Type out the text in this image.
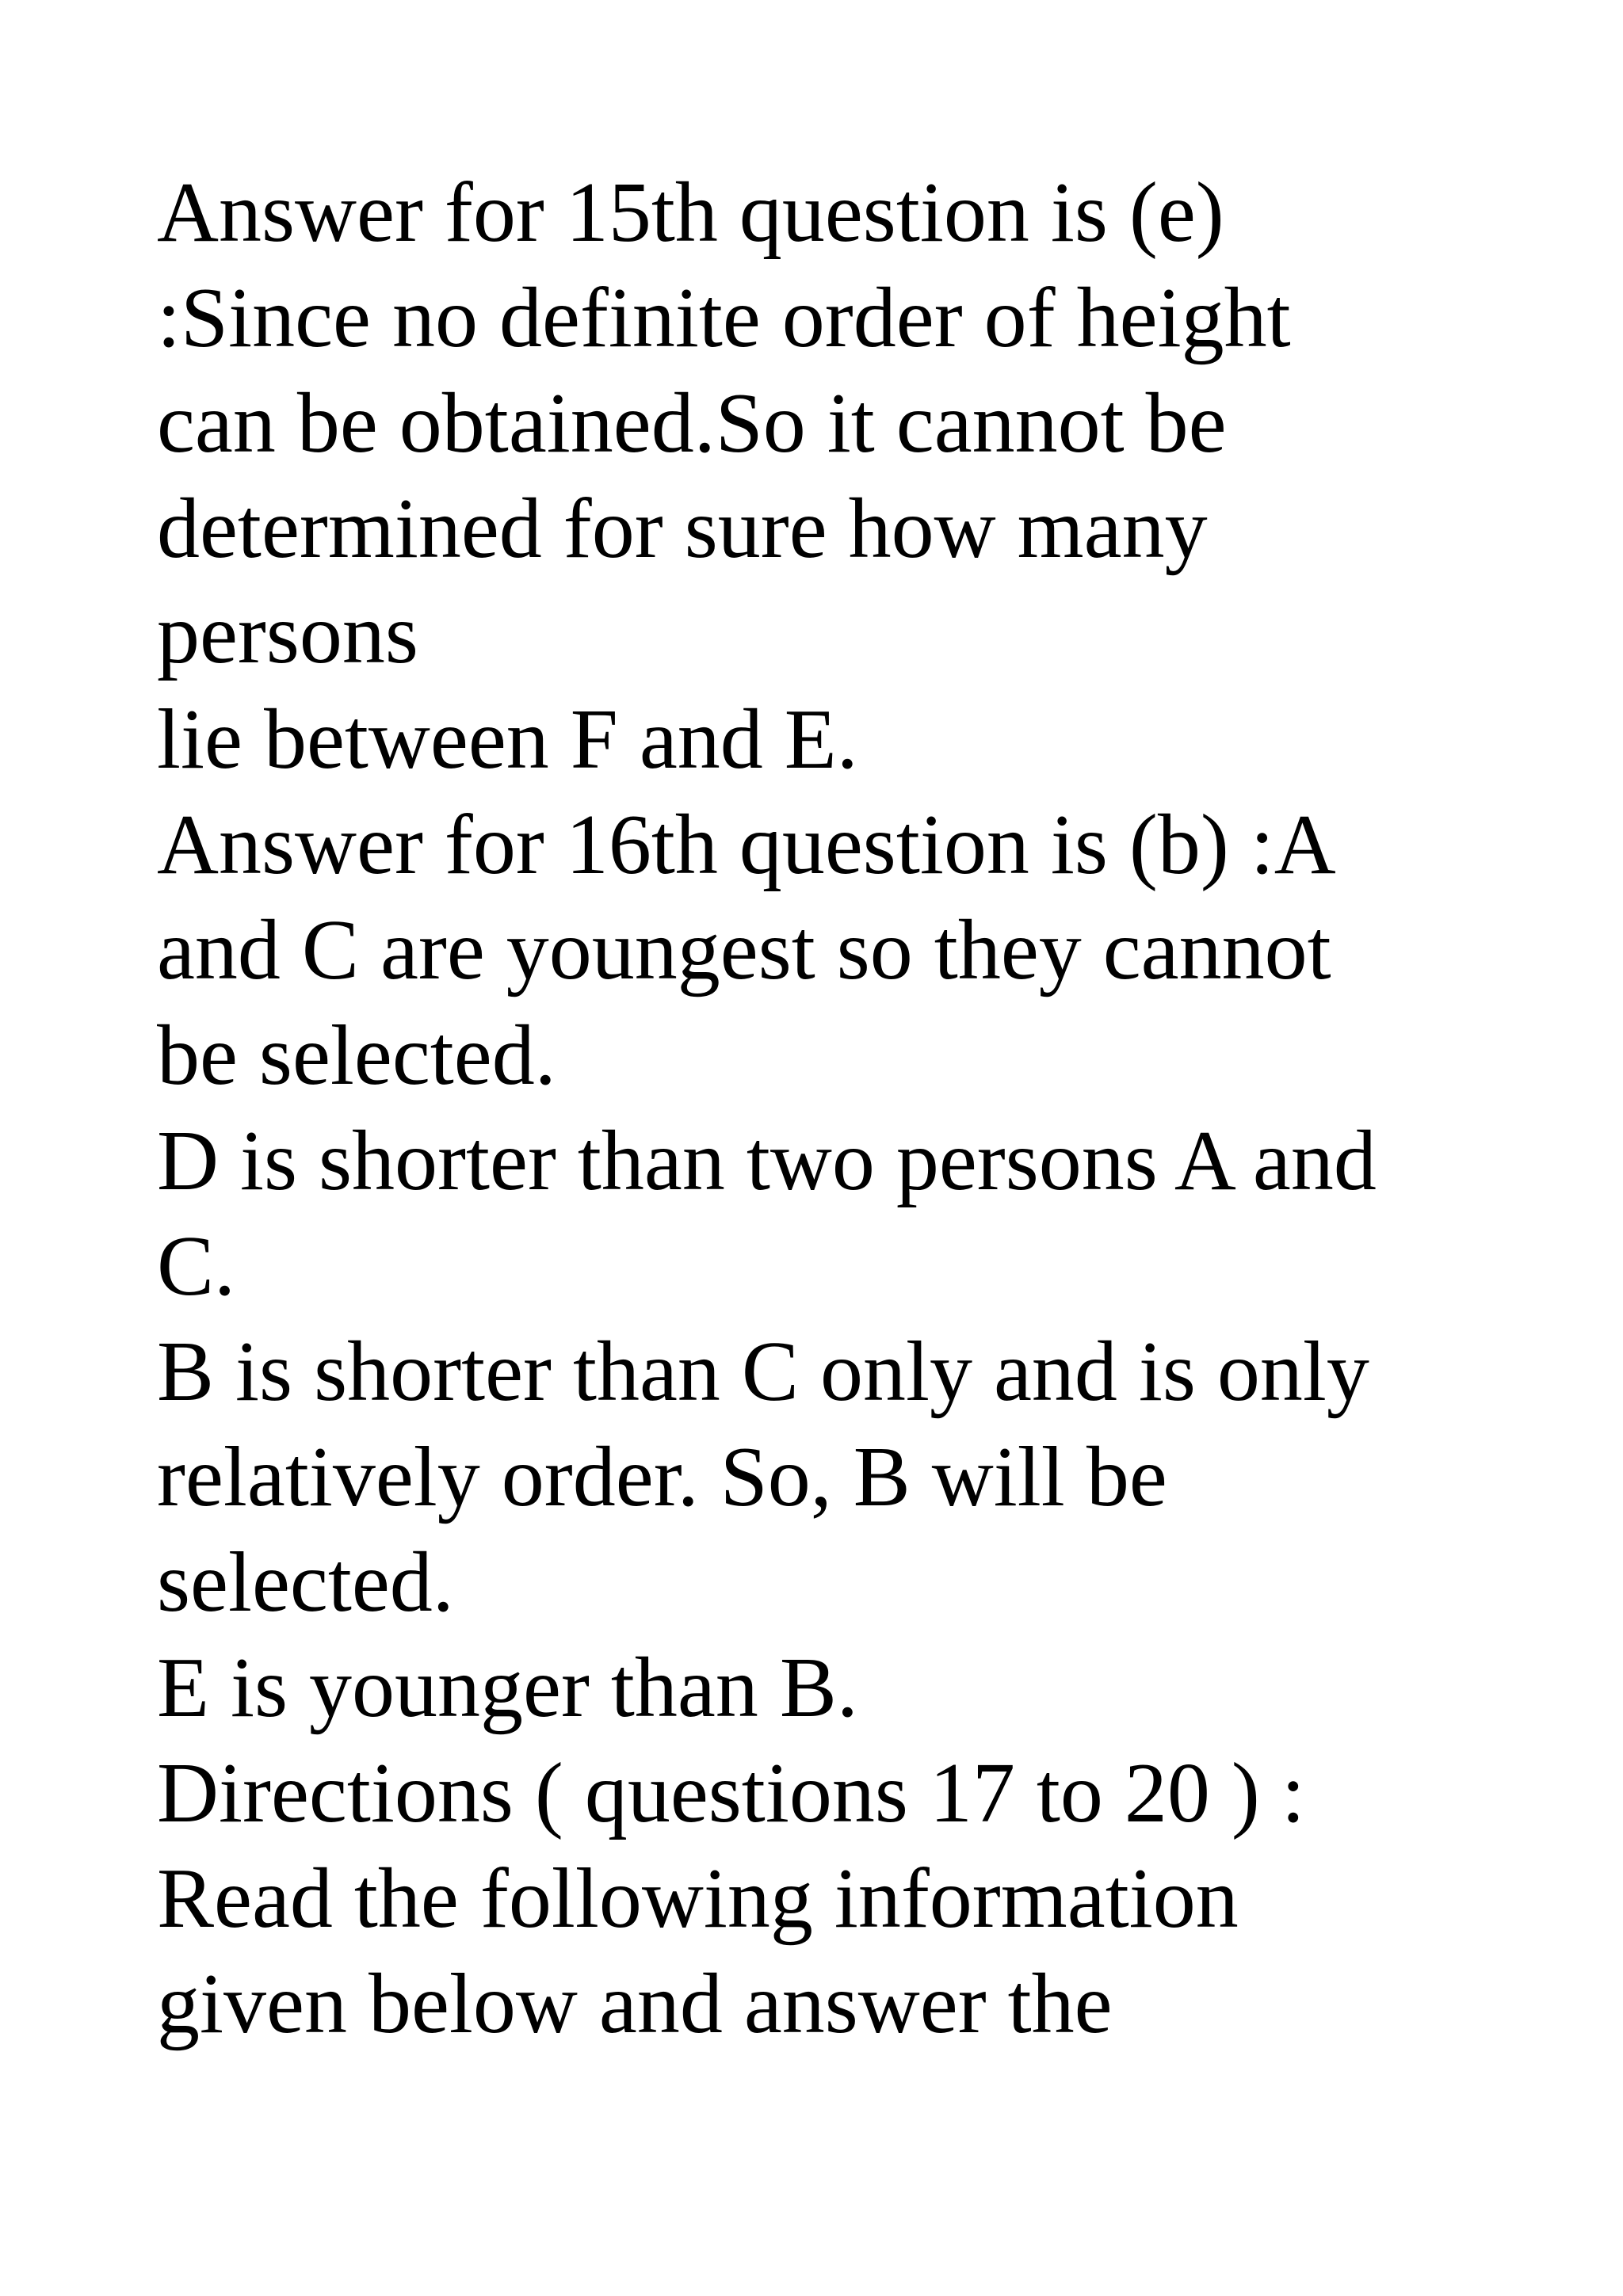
Answer for 15th question is (e)
:Since no definite order of height
can be obtained.So it cannot be
determined for sure how many
persons
lie between F and E.
Answer for 16th question is (b) :A
and C are youngest so they cannot
be selected.
D is shorter than two persons A and
C.
B is shorter than C only and is only
relatively order. So, B will be
selected.
E is younger than B.
Directions ( questions 17 to 20 ) :
Read the following information
given below and answer the
